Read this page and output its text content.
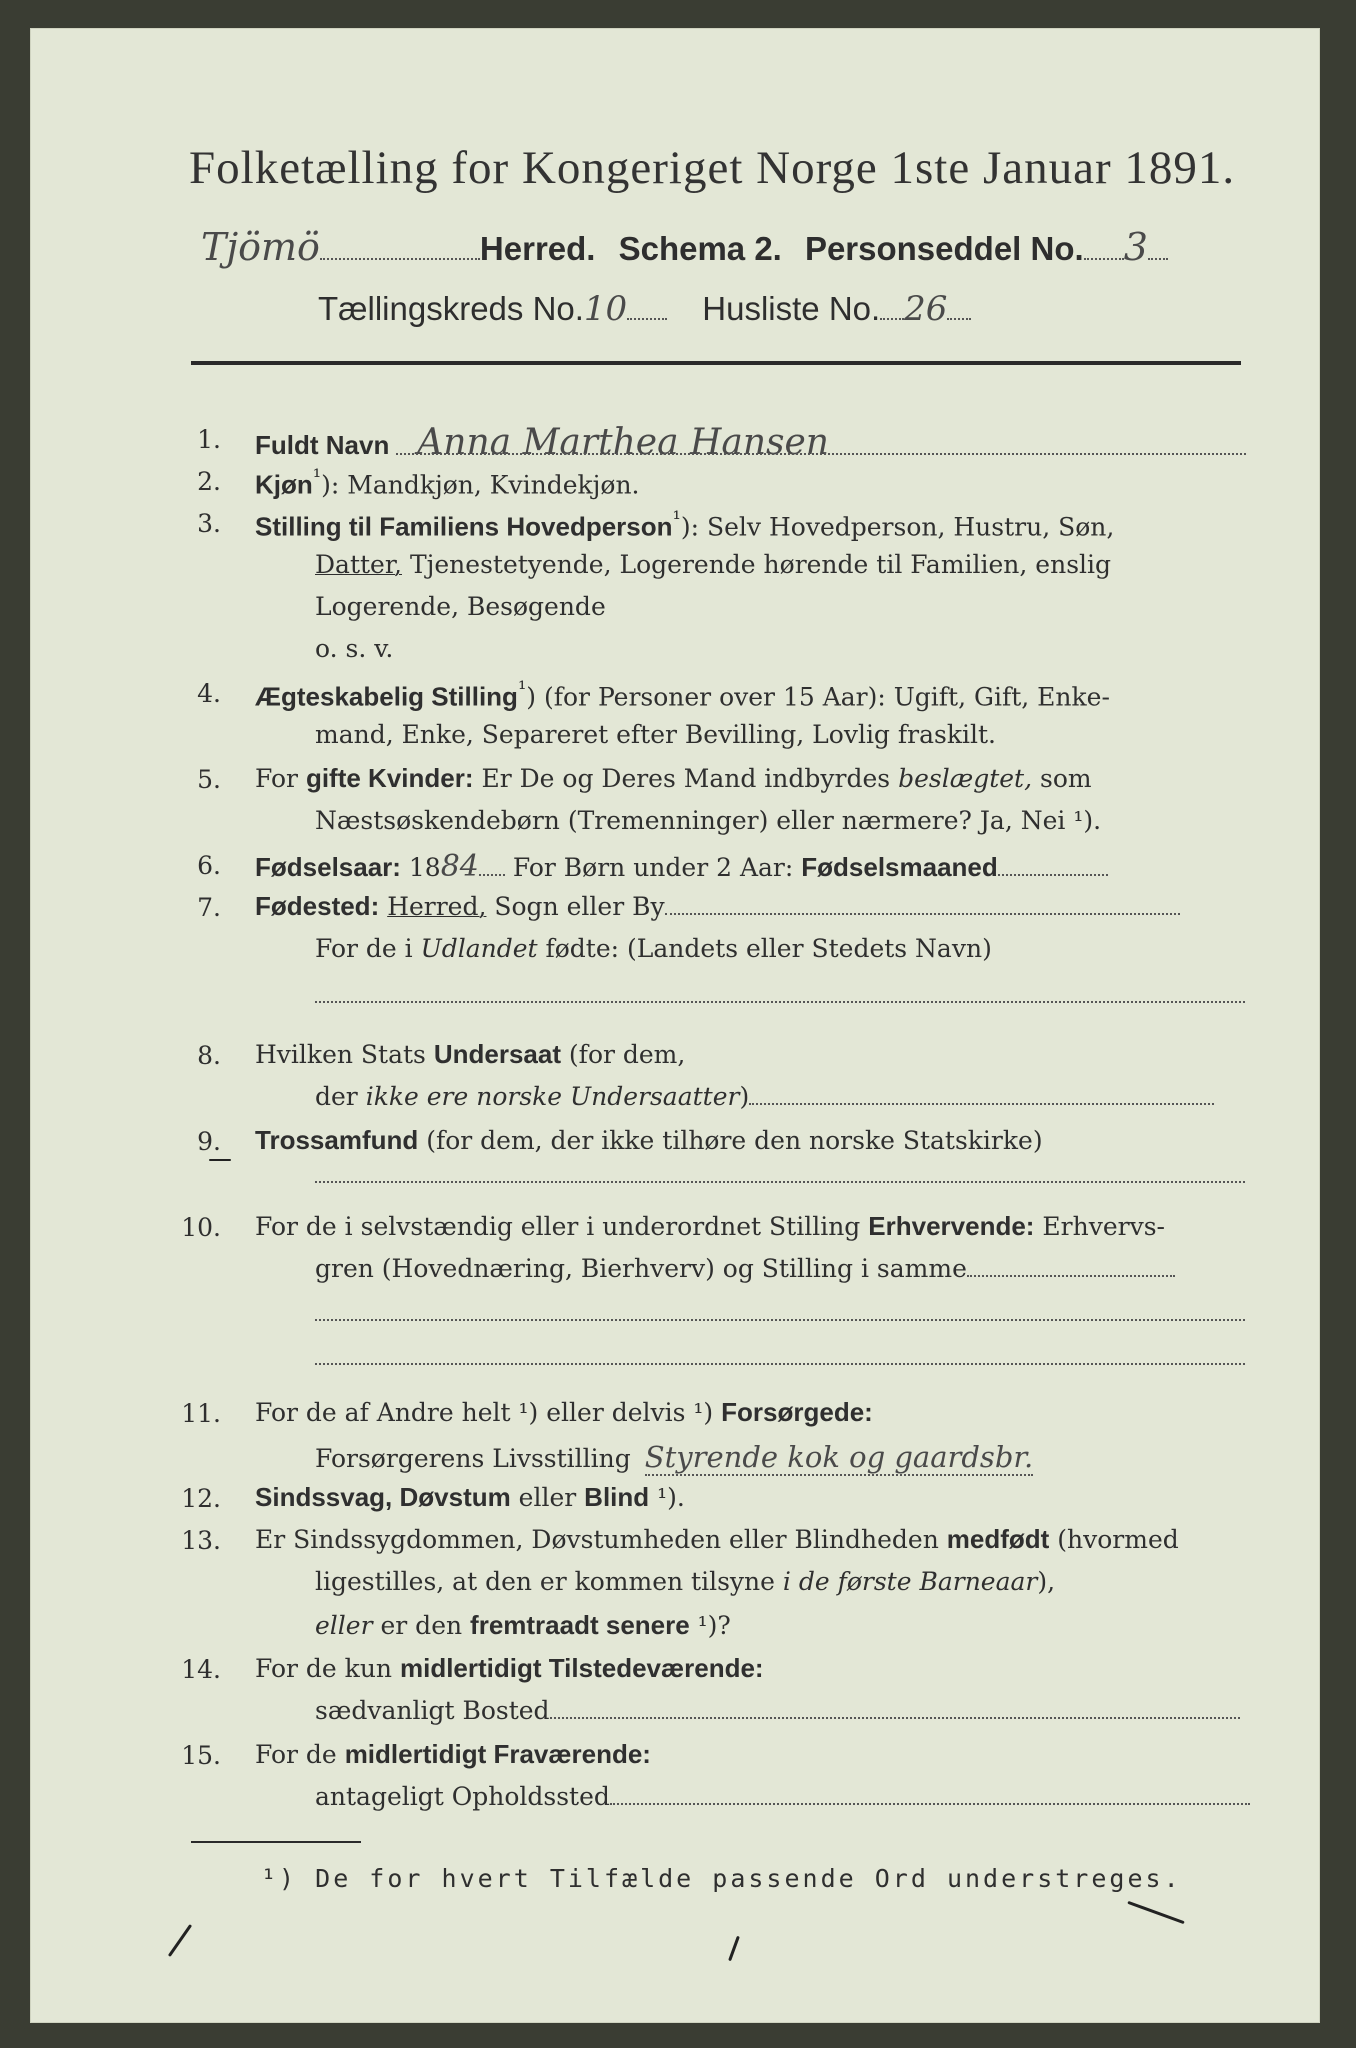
Folketælling for Kongeriget Norge 1ste Januar 1891.
Tjömö	Herred. Schema 2. Personseddel No. 3
Tællingskreds No.10 Husliste No. 26
1. Fuldt Navn Anna Marthea Hansen
2. Kjøn$^{^1}$): Mandkjøn, Kvindekjøn.
3. Stilling til Familiens Hovedperson$^{^1}$): Selv Hovedperson, Hustru, Søn,
Datter, Tjenestetyende, Logerende hørende til Familien, enslig
Logerende, Besøgende
o. s. v.
4. Ægteskabelig Stilling$^{^1}$) (for Personer over 15 Aar): Ugift, Gift, Enke-
mand, Enke, Separeret efter Bevilling, Lovlig fraskilt.
5. For gifte Kvinder: Er De og Deres Mand indbyrdes beslægtet, som
Næstsøskendebørn (Tremenninger) eller nærmere? Ja, Nei ¹).
6. Fødselsaar: 1884 For Børn under 2 Aar: Fødselsmaaned
7. Fødested: Herred, Sogn eller By
For de i Udlandet fødte: (Landets eller Stedets Navn)
8. Hvilken Stats Undersaat (for dem,
der ikke ere norske Undersaatter)
9. Trossamfund (for dem, der ikke tilhøre den norske Statskirke)
10. For de i selvstændig eller i underordnet Stilling Erhvervende: Erhvervs-
gren (Hovednæring, Bierhverv) og Stilling i samme
11. For de af Andre helt ¹) eller delvis ¹) Forsørgede:
Forsørgerens Livsstilling Styrende kok og gaardsbr.
12. Sindssvag, Døvstum eller Blind ¹).
13. Er Sindssygdommen, Døvstumheden eller Blindheden medfødt (hvormed
ligestilles, at den er kommen tilsyne i de første Barneaar),
eller er den fremtraadt senere ¹)?
14. For de kun midlertidigt Tilstedeværende:
sædvanligt Bosted
15. For de midlertidigt Fraværende:
antageligt Opholdssted
¹) De for hvert Tilfælde passende Ord understreges.
